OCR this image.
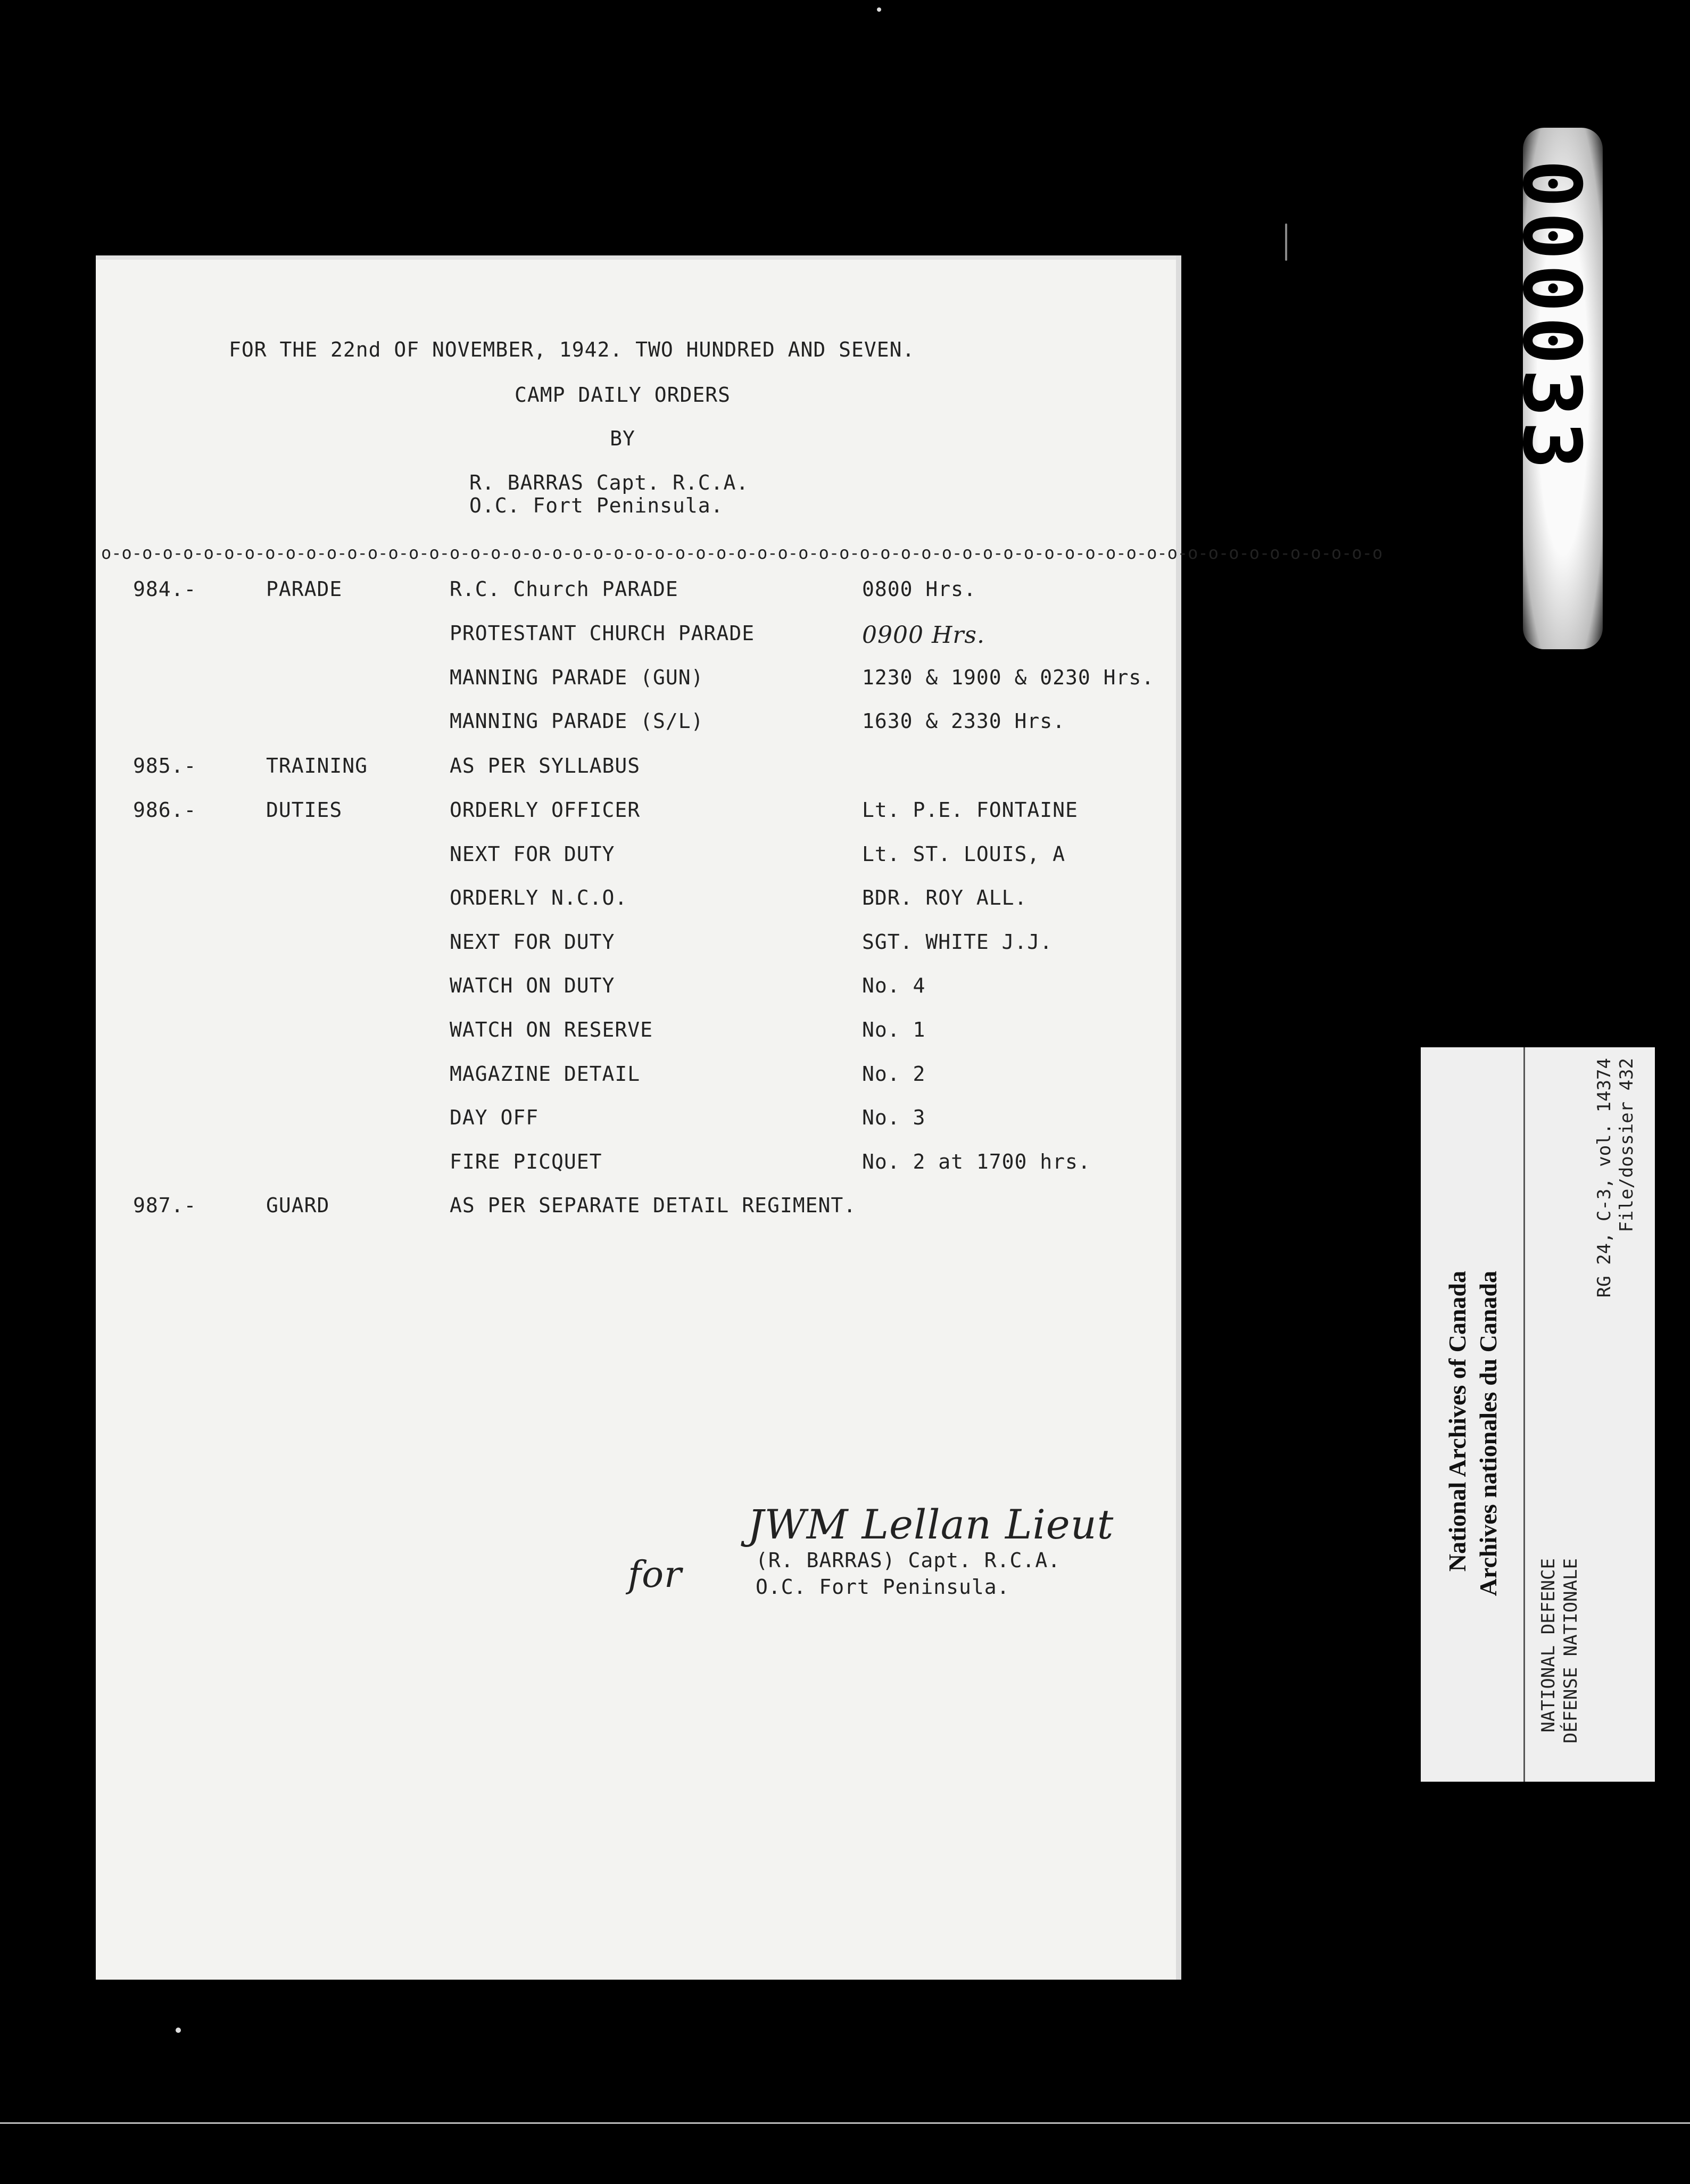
FOR THE 22nd OF NOVEMBER, 1942. TWO HUNDRED AND SEVEN.
CAMP DAILY ORDERS
BY
R. BARRAS Capt. R.C.A.
O.C. Fort Peninsula.
o-o-o-o-o-o-o-o-o-o-o-o-o-o-o-o-o-o-o-o-o-o-o-o-o-o-o-o-o-o-o-o-o-o-o-o-o-o-o-o-o-o-o-o-o-o-o-o-o-o-o-o-o-o-o-o-o-o-o-o-o-o-o
984.-	PARADE	R.C. Church PARADE	0800 Hrs.
PROTESTANT CHURCH PARADE	0900 Hrs.
MANNING PARADE (GUN)	1230 & 1900 & 0230 Hrs.
MANNING PARADE (S/L)	1630 & 2330 Hrs.
985.-	TRAINING	AS PER SYLLABUS
986.-	DUTIES	ORDERLY OFFICER	Lt. P.E. FONTAINE
NEXT FOR DUTY	Lt. ST. LOUIS, A
ORDERLY N.C.O.	BDR. ROY ALL.
NEXT FOR DUTY	SGT. WHITE J.J.
WATCH ON DUTY	No. 4
WATCH ON RESERVE	No. 1
MAGAZINE DETAIL	No. 2
DAY OFF	No. 3
FIRE PICQUET	No. 2 at 1700 hrs.
987.-	GUARD	AS PER SEPARATE DETAIL REGIMENT.
JWM Lellan Lieut
for	(R. BARRAS) Capt. R.C.A.
O.C. Fort Peninsula.
000033
National Archives of Canada Archives nationales du Canada
NATIONAL DEFENCE DÉFENSE NATIONALE
RG 24, C-3, vol. 14374 File/dossier 432
